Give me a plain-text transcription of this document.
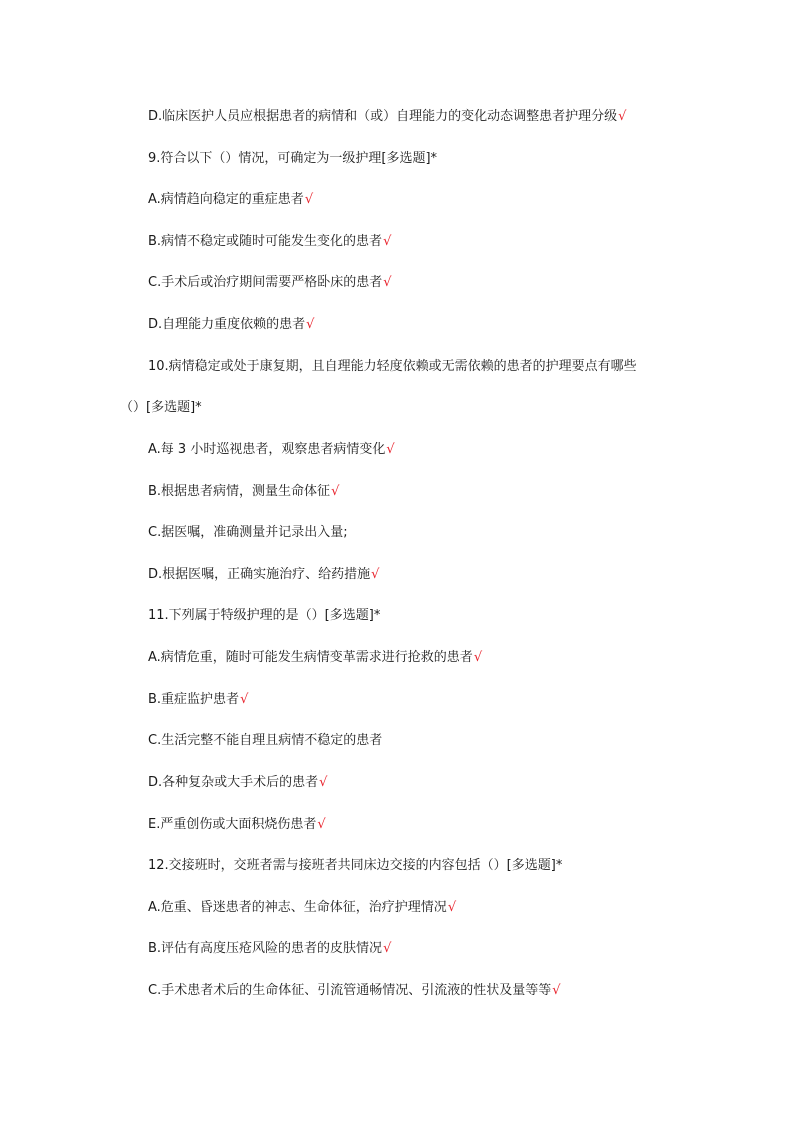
D.临床医护人员应根据患者的病情和（或）自理能力的变化动态调整患者护理分级√

9.符合以下（）情况，可确定为一级护理[多选题]*

A.病情趋向稳定的重症患者√

B.病情不稳定或随时可能发生变化的患者√

C.手术后或治疗期间需要严格卧床的患者√

D.自理能力重度依赖的患者√

10.病情稳定或处于康复期，且自理能力轻度依赖或无需依赖的患者的护理要点有哪些

（）[多选题]*

A.每 3 小时巡视患者，观察患者病情变化√

B.根据患者病情，测量生命体征√

C.据医嘱，准确测量并记录出入量;

D.根据医嘱，正确实施治疗、给药措施√

11.下列属于特级护理的是（）[多选题]*

A.病情危重，随时可能发生病情变革需求进行抢救的患者√

B.重症监护患者√

C.生活完整不能自理且病情不稳定的患者

D.各种复杂或大手术后的患者√

E.严重创伤或大面积烧伤患者√

12.交接班时，交班者需与接班者共同床边交接的内容包括（）[多选题]*

A.危重、昏迷患者的神志、生命体征，治疗护理情况√

B.评估有高度压疮风险的患者的皮肤情况√

C.手术患者术后的生命体征、引流管通畅情况、引流液的性状及量等等√
